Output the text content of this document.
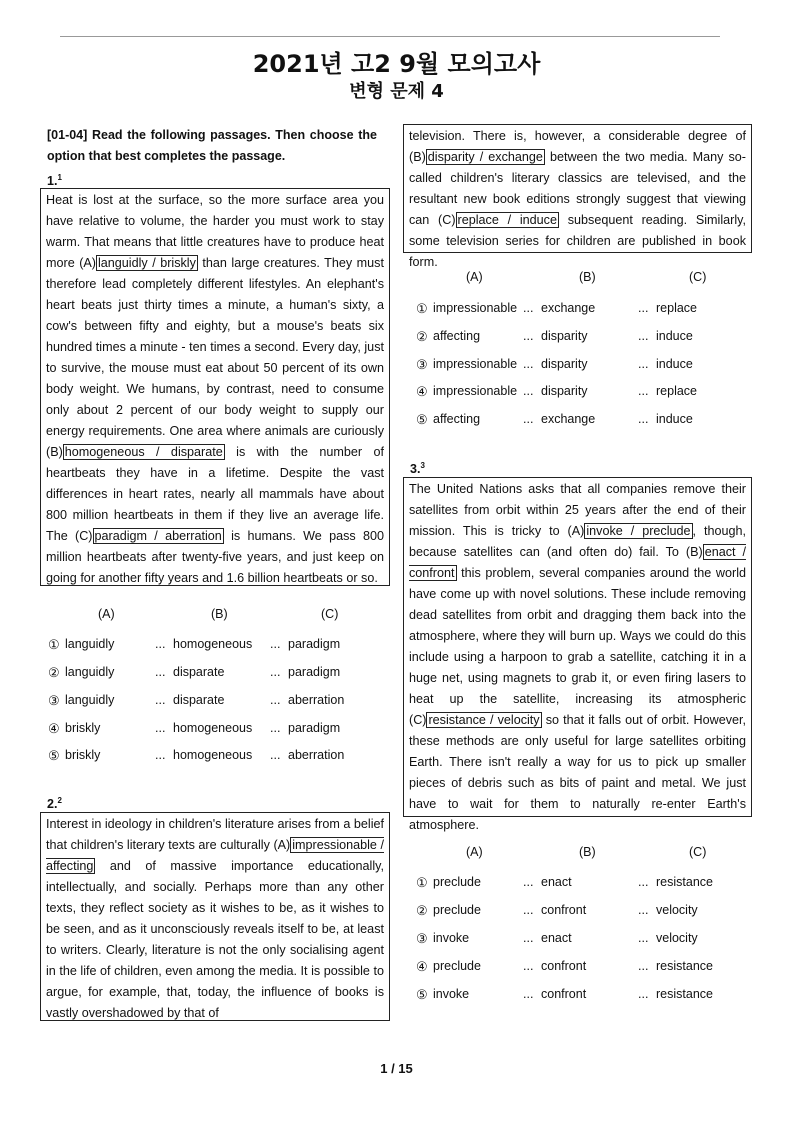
2021년 고2 9월 모의고사
변형 문제 4
[01-04] Read the following passages. Then choose the option that best completes the passage.
1.$^1$
Heat is lost at the surface, so the more surface area you have relative to volume, the harder you must work to stay warm. That means that little creatures have to produce heat more (A) languidly / briskly than large creatures. They must therefore lead completely different lifestyles. An elephant's heart beats just thirty times a minute, a human's sixty, a cow's between fifty and eighty, but a mouse's beats six hundred times a minute - ten times a second. Every day, just to survive, the mouse must eat about 50 percent of its own body weight. We humans, by contrast, need to consume only about 2 percent of our body weight to supply our energy requirements. One area where animals are curiously (B) homogeneous / disparate is with the number of heartbeats they have in a lifetime. Despite the vast differences in heart rates, nearly all mammals have about 800 million heartbeats in them if they live an average life. The (C) paradigm / aberration is humans. We pass 800 million heartbeats after twenty-five years, and just keep on going for another fifty years and 1.6 billion heartbeats or so.
(A)	(B)	(C)
① languidly	... homogeneous ... paradigm
② languidly	... disparate	... paradigm
③ languidly	... disparate	... aberration
④ briskly	... homogeneous ... paradigm
⑤ briskly	... homogeneous ... aberration
2.$^2$
Interest in ideology in children's literature arises from a belief that children's literary texts are culturally (A) impressionable / affecting and of massive importance educationally, intellectually, and socially. Perhaps more than any other texts, they reflect society as it wishes to be, as it wishes to be seen, and as it unconsciously reveals itself to be, at least to writers. Clearly, literature is not the only socialising agent in the life of children, even among the media. It is possible to argue, for example, that, today, the influence of books is vastly overshadowed by that of
television. There is, however, a considerable degree of (B) disparity / exchange between the two media. Many so-called children's literary classics are televised, and the resultant new book editions strongly suggest that viewing can (C) replace / induce subsequent reading. Similarly, some television series for children are published in book form.
(A)	(B)	(C)
① impressionable ... exchange	... replace
② affecting	... disparity	... induce
③ impressionable ... disparity	... induce
④ impressionable ... disparity	... replace
⑤ affecting	... exchange	... induce
3.$^3$
The United Nations asks that all companies remove their satellites from orbit within 25 years after the end of their mission. This is tricky to (A) invoke / preclude , though, because satellites can (and often do) fail. To (B) enact / confront this problem, several companies around the world have come up with novel solutions. These include removing dead satellites from orbit and dragging them back into the atmosphere, where they will burn up. Ways we could do this include using a harpoon to grab a satellite, catching it in a huge net, using magnets to grab it, or even firing lasers to heat up the satellite, increasing its atmospheric (C) resistance / velocity so that it falls out of orbit. However, these methods are only useful for large satellites orbiting Earth. There isn't really a way for us to pick up smaller pieces of debris such as bits of paint and metal. We just have to wait for them to naturally re-enter Earth's atmosphere.
(A)	(B)	(C)
① preclude	... enact	... resistance
② preclude	... confront	... velocity
③ invoke	... enact	... velocity
④ preclude	... confront	... resistance
⑤ invoke	... confront	... resistance
1 / 15
